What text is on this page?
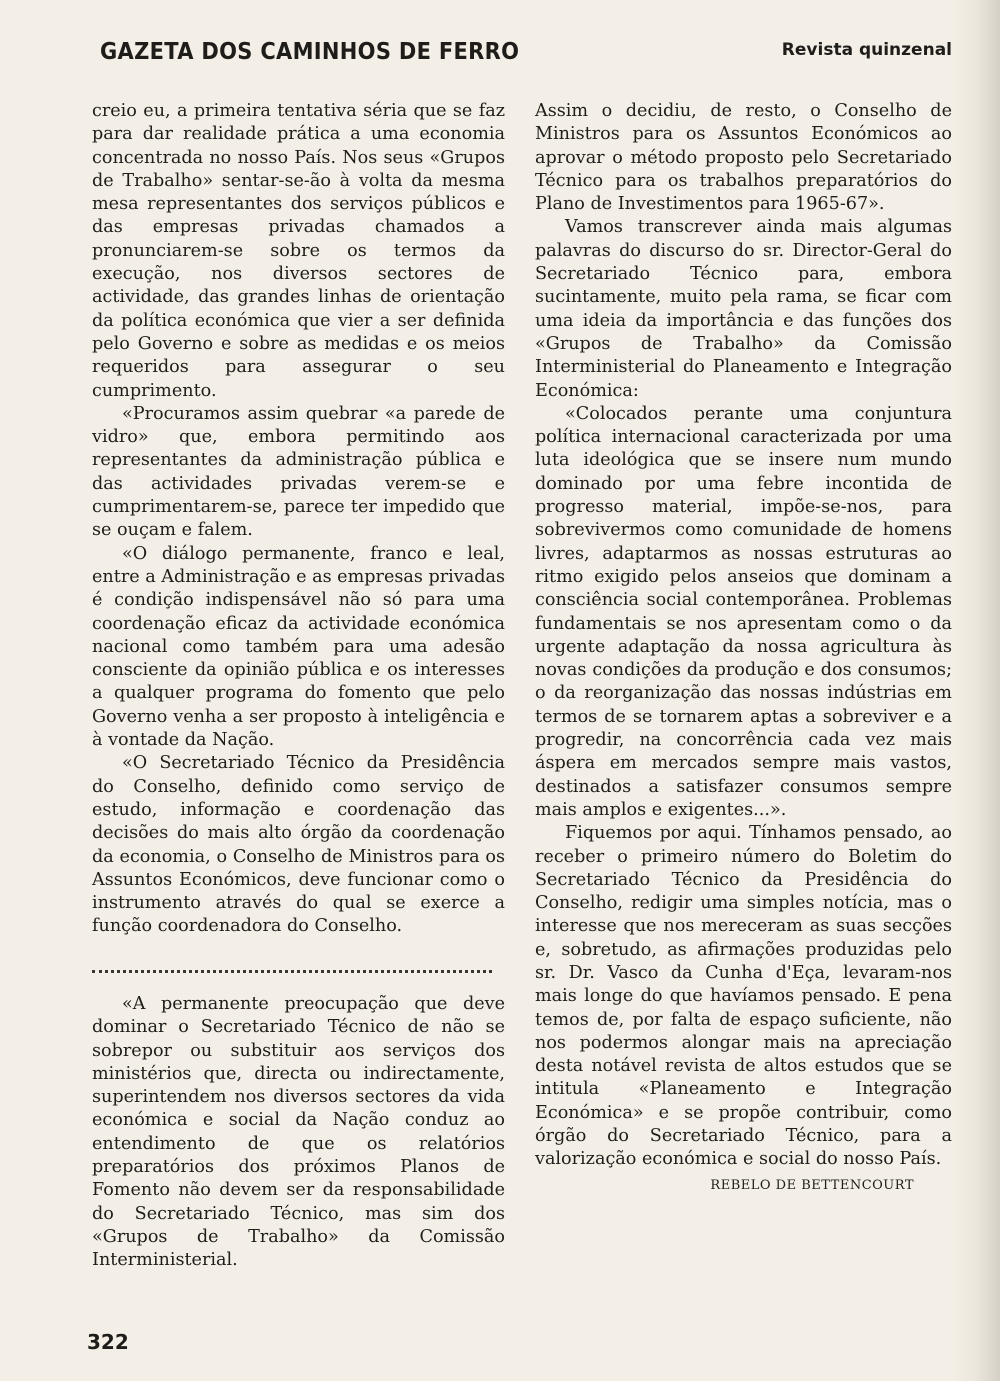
GAZETA DOS CAMINHOS DE FERRO	Revista quinzenal

creio eu, a primeira tentativa séria que se faz para dar realidade prática a uma economia concentrada no nosso País. Nos seus «Grupos de Trabalho» sentar-se-ão à volta da mesma mesa representantes dos serviços públicos e das empresas privadas chamados a pronunciarem-se sobre os termos da execução, nos diversos sectores de actividade, das grandes linhas de orientação da política económica que vier a ser definida pelo Governo e sobre as medidas e os meios requeridos para assegurar o seu cumprimento.

«Procuramos assim quebrar «a parede de vidro» que, embora permitindo aos representantes da administração pública e das actividades privadas verem-se e cumprimentarem-se, parece ter impedido que se ouçam e falem.

«O diálogo permanente, franco e leal, entre a Administração e as empresas privadas é condição indispensável não só para uma coordenação eficaz da actividade económica nacional como também para uma adesão consciente da opinião pública e os interesses a qualquer programa do fomento que pelo Governo venha a ser proposto à inteligência e à vontade da Nação.

«O Secretariado Técnico da Presidência do Conselho, definido como serviço de estudo, informação e coordenação das decisões do mais alto órgão da coordenação da economia, o Conselho de Ministros para os Assuntos Económicos, deve funcionar como o instrumento através do qual se exerce a função coordenadora do Conselho.

«A permanente preocupação que deve dominar o Secretariado Técnico de não se sobrepor ou substituir aos serviços dos ministérios que, directa ou indirectamente, superintendem nos diversos sectores da vida económica e social da Nação conduz ao entendimento de que os relatórios preparatórios dos próximos Planos de Fomento não devem ser da responsabilidade do Secretariado Técnico, mas sim dos «Grupos de Trabalho» da Comissão Interministerial.

Assim o decidiu, de resto, o Conselho de Ministros para os Assuntos Económicos ao aprovar o método proposto pelo Secretariado Técnico para os trabalhos preparatórios do Plano de Investimentos para 1965-67».

Vamos transcrever ainda mais algumas palavras do discurso do sr. Director-Geral do Secretariado Técnico para, embora sucintamente, muito pela rama, se ficar com uma ideia da importância e das funções dos «Grupos de Trabalho» da Comissão Interministerial do Planeamento e Integração Económica:

«Colocados perante uma conjuntura política internacional caracterizada por uma luta ideológica que se insere num mundo dominado por uma febre incontida de progresso material, impõe-se-nos, para sobrevivermos como comunidade de homens livres, adaptarmos as nossas estruturas ao ritmo exigido pelos anseios que dominam a consciência social contemporânea. Problemas fundamentais se nos apresentam como o da urgente adaptação da nossa agricultura às novas condições da produção e dos consumos; o da reorganização das nossas indústrias em termos de se tornarem aptas a sobreviver e a progredir, na concorrência cada vez mais áspera em mercados sempre mais vastos, destinados a satisfazer consumos sempre mais amplos e exigentes...».

Fiquemos por aqui. Tínhamos pensado, ao receber o primeiro número do Boletim do Secretariado Técnico da Presidência do Conselho, redigir uma simples notícia, mas o interesse que nos mereceram as suas secções e, sobretudo, as afirmações produzidas pelo sr. Dr. Vasco da Cunha d'Eça, levaram-nos mais longe do que havíamos pensado. E pena temos de, por falta de espaço suficiente, não nos podermos alongar mais na apreciação desta notável revista de altos estudos que se intitula «Planeamento e Integração Económica» e se propõe contribuir, como órgão do Secretariado Técnico, para a valorização económica e social do nosso País.

REBELO DE BETTENCOURT
322
